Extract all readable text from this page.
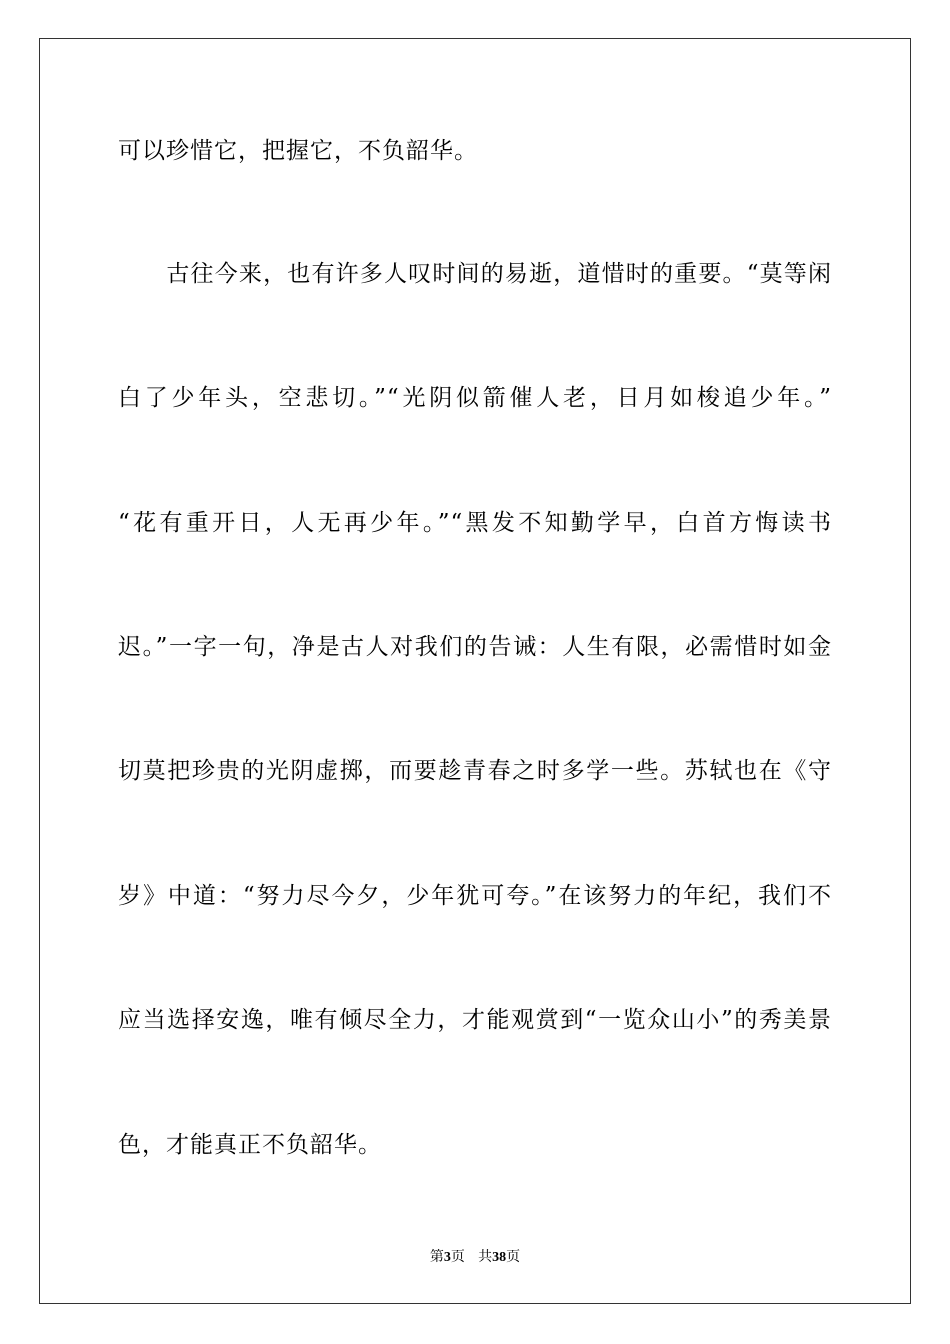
可以珍惜它，把握它，不负韶华。
　　古往今来，也有许多人叹时间的易逝，道惜时的重要。“莫等闲
白了少年头，空悲切。”“光阴似箭催人老，日月如梭追少年。”
“花有重开日，人无再少年。”“黑发不知勤学早，白首方悔读书
迟。”一字一句，净是古人对我们的告诫：人生有限，必需惜时如金
切莫把珍贵的光阴虚掷，而要趁青春之时多学一些。苏轼也在《守
岁》中道：“努力尽今夕，少年犹可夸。”在该努力的年纪，我们不
应当选择安逸，唯有倾尽全力，才能观赏到“一览众山小”的秀美景
色，才能真正不负韶华。
第3页 共38页
